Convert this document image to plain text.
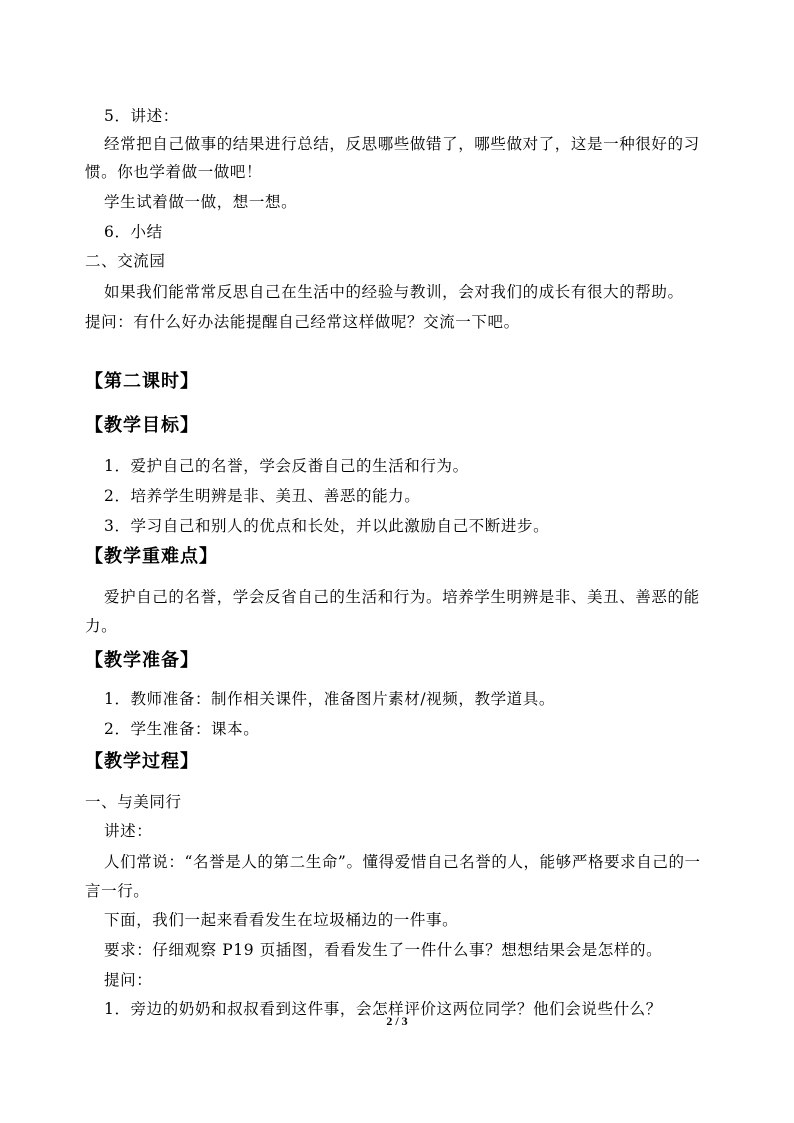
5．讲述：
经常把自己做事的结果进行总结，反思哪些做错了，哪些做对了，这是一种很好的习
惯。你也学着做一做吧！
学生试着做一做，想一想。
6．小结
二、交流园
如果我们能常常反思自己在生活中的经验与教训，会对我们的成长有很大的帮助。
提问：有什么好办法能提醒自己经常这样做呢？交流一下吧。
【第二课时】
【教学目标】
1．爱护自己的名誉，学会反畨自己的生活和行为。
2．培养学生明辨是非、美丑、善恶的能力。
3．学习自己和别人的优点和长处，并以此激励自己不断进步。
【教学重难点】
爱护自己的名誉，学会反省自己的生活和行为。培养学生明辨是非、美丑、善恶的能
力。
【教学准备】
1．教师准备：制作相关课件，准备图片素材/视频，教学道具。
2．学生准备：课本。
【教学过程】
一、与美同行
讲述：
人们常说：“名誉是人的第二生命”。懂得爱惜自己名誉的人，能够严格要求自己的一
言一行。
下面，我们一起来看看发生在垃圾桶边的一件事。
要求：仔细观察 P19 页插图，看看发生了一件什么事？想想结果会是怎样的。
提问：
1．旁边的奶奶和叔叔看到这件事，会怎样评价这两位同学？他们会说些什么？
2 / 3
